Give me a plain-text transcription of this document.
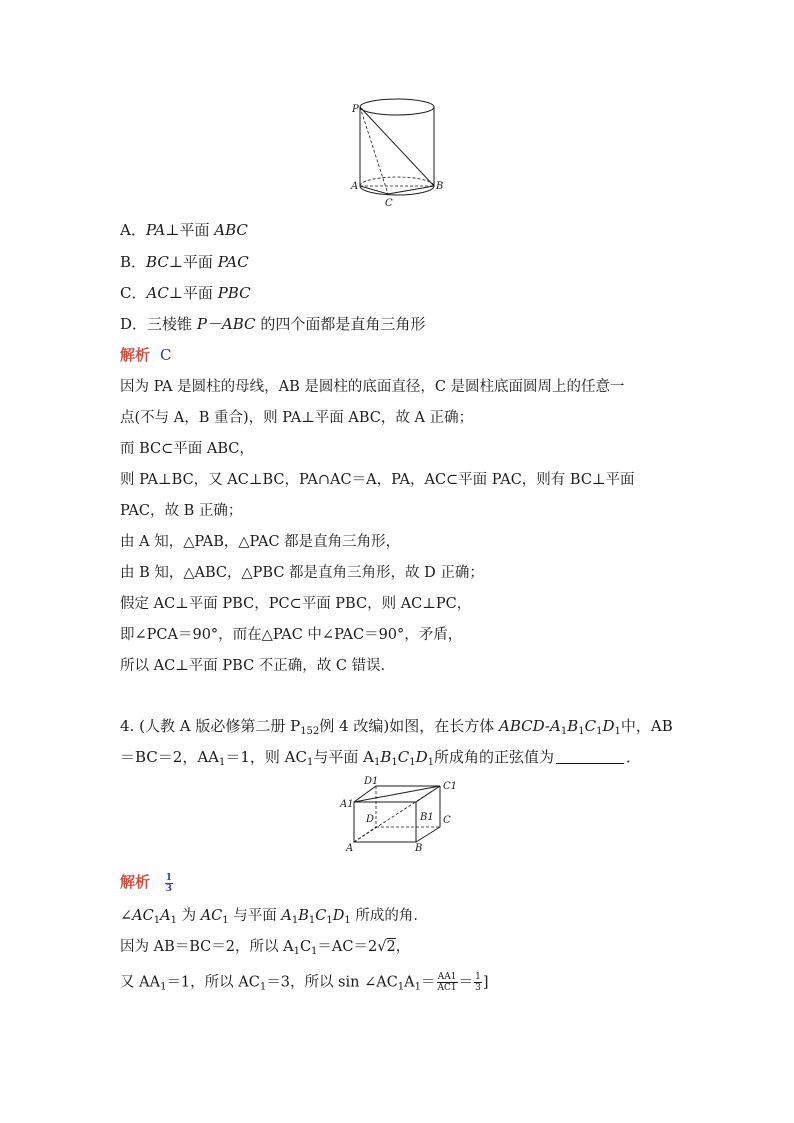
P
A	B
C
A．PA⊥平面 ABC
B．BC⊥平面 PAC
C．AC⊥平面 PBC
D．三棱锥 P－ABC 的四个面都是直角三角形
解析 C
因为 PA 是圆柱的母线，AB 是圆柱的底面直径，C 是圆柱底面圆周上的任意一
点(不与 A，B 重合)，则 PA⊥平面 ABC，故 A 正确；
而 BC⊂平面 ABC，
则 PA⊥BC，又 AC⊥BC，PA∩AC＝A，PA，AC⊂平面 PAC，则有 BC⊥平面
PAC，故 B 正确；
由 A 知，△PAB，△PAC 都是直角三角形，
由 B 知，△ABC，△PBC 都是直角三角形，故 D 正确；
假定 AC⊥平面 PBC，PC⊂平面 PBC，则 AC⊥PC，
即∠PCA＝90°，而在△PAC 中∠PAC＝90°，矛盾，
所以 AC⊥平面 PBC 不正确，故 C 错误．
4. (人教 A 版必修第二册 $P_{152}$例 4 改编)如图，在长方体 ABCD-$A_1B_1C_1D_1$中，AB
＝BC＝2，$AA_1=1$，则 $AC_1$与平面 $A_1B_1C_1D_1$所成角的正弦值为	．
D1	C1
A1
D	B1 C
A	B
解析 $\frac{1}{3}$
$\angle AC_1A_1$ 为 $AC_1$ 与平面 $A_1B_1C_1D_1$ 所成的角．
因为 AB＝BC＝2，所以 $A_1C_1=AC=2√2$，
又 $AA_1=1$，所以 $AC_1=3$，所以 $\sin \angle AC_1A_1= \frac{AA1}{AC1} = \frac{1}{3}$ ]
